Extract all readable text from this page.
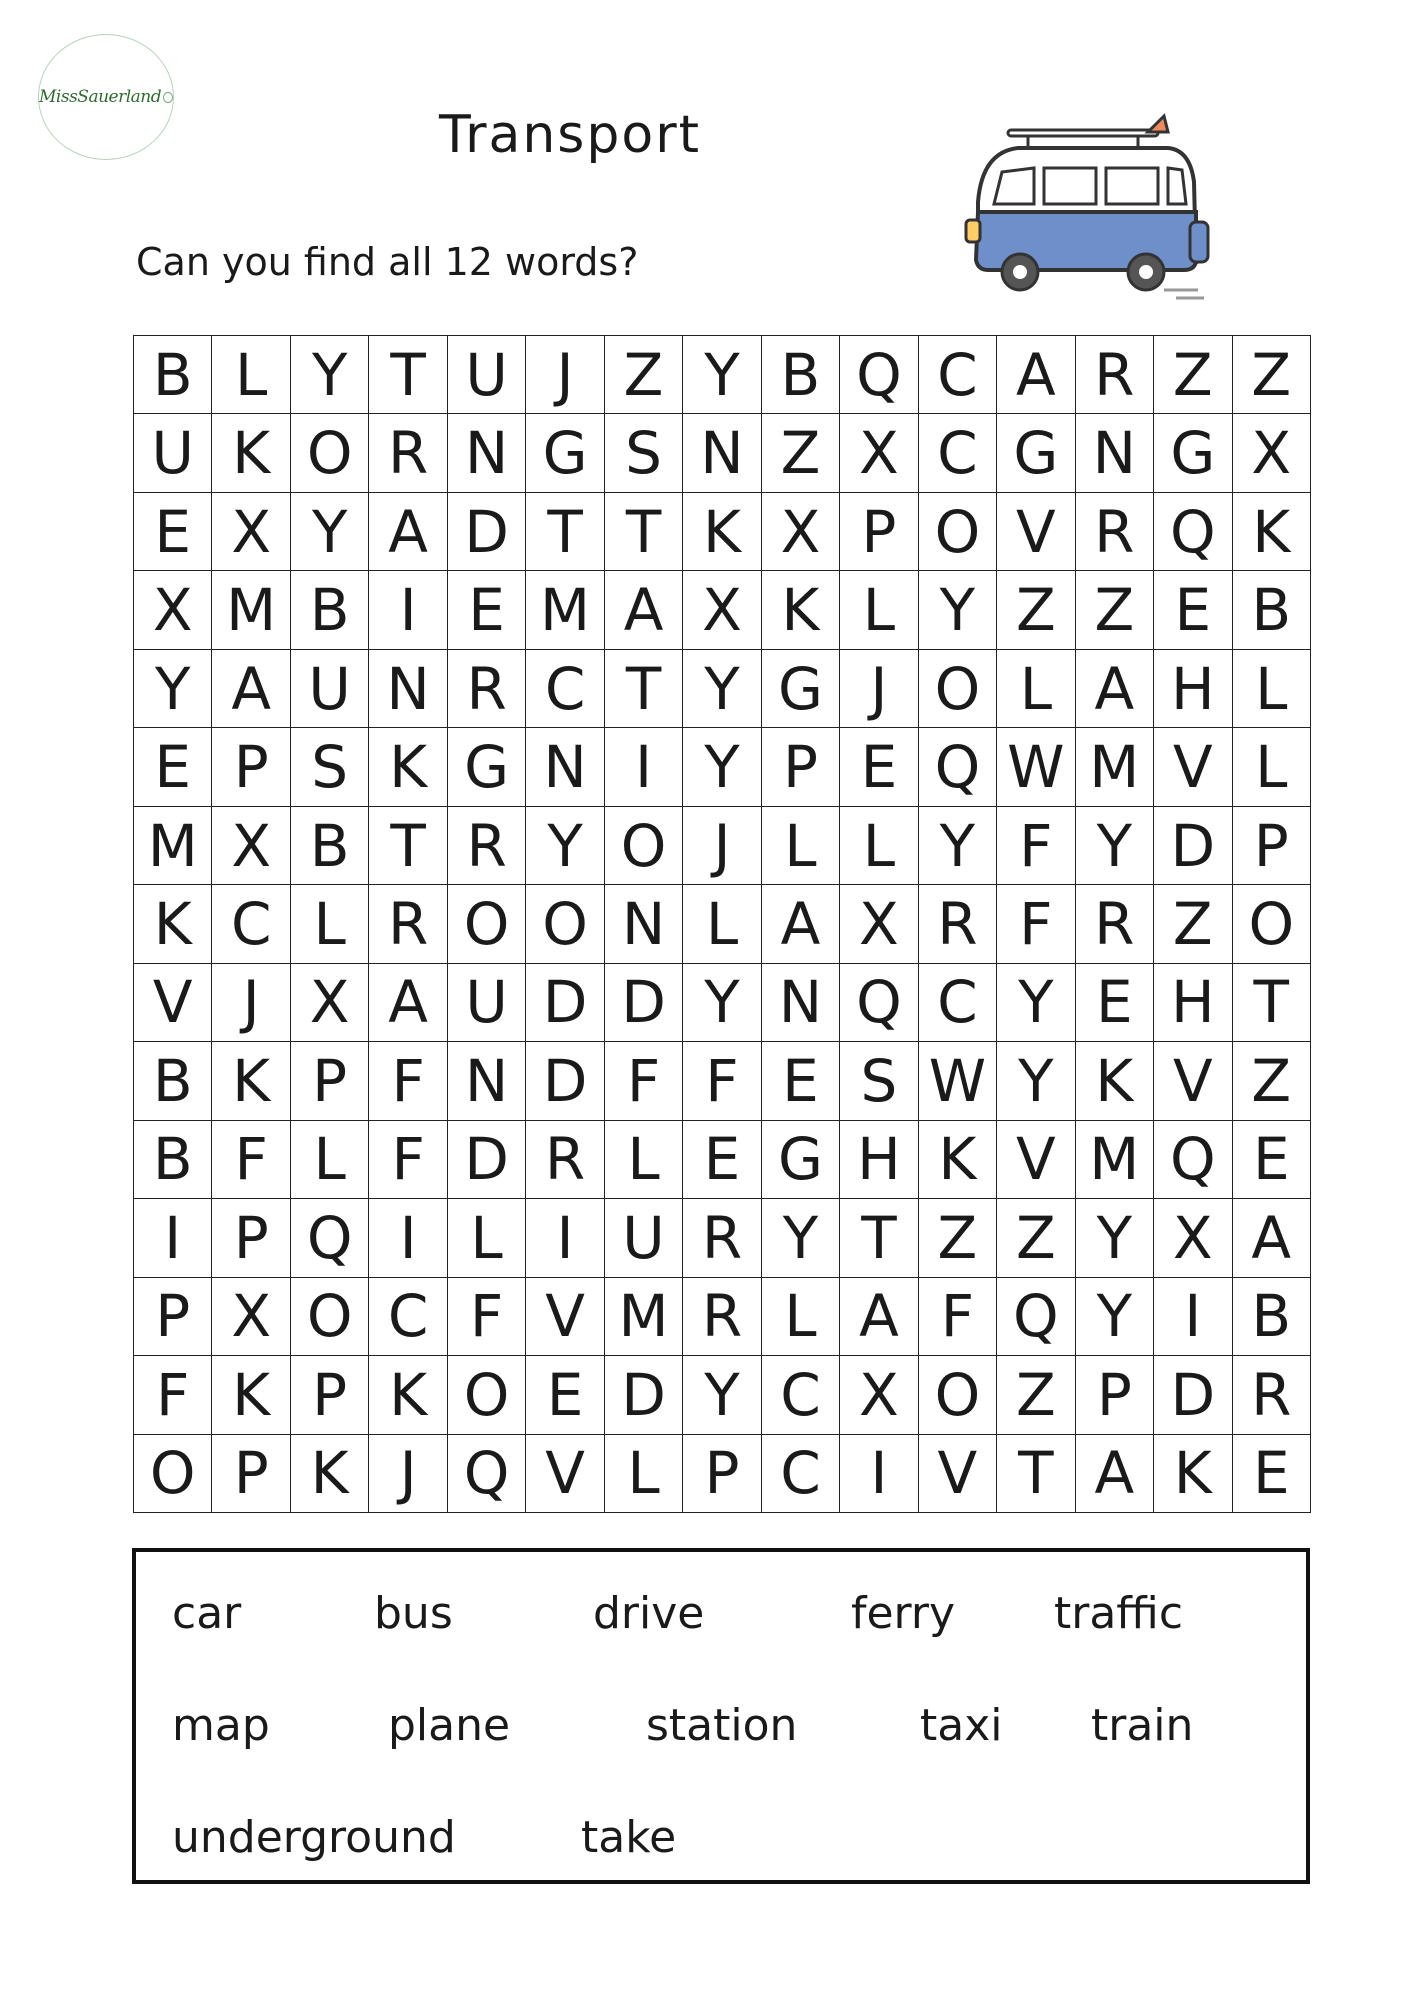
MissSauerland
Transport
Can you find all 12 words?
B L Y T U J Z Y B Q C A R Z Z
U K O R N G S N Z X C G N G X
E X Y A D T T K X P O V R Q K
X M B I E M A X K L Y Z Z E B
Y A U N R C T Y G J O L A H L
E P S K G N I Y P E Q W M V L
M X B T R Y O J L L Y F Y D P
K C L R O O N L A X R F R Z O
V J X A U D D Y N Q C Y E H T
B K P F N D F F E S W Y K V Z
B F L F D R L E G H K V M Q E
I P Q I L I U R Y T Z Z Y X A
P X O C F V M R L A F Q Y I B
F K P K O E D Y C X O Z P D R
O P K J Q V L P C I V T A K E
car	bus	drive	ferry traffic
map	plane	station	taxi train
underground	take
